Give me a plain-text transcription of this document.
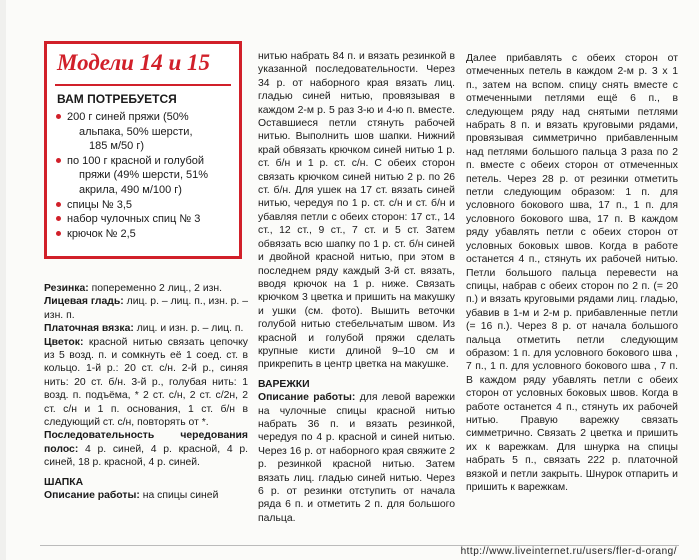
Модели 14 и 15
ВАМ ПОТРЕБУЕТСЯ
200 г синей пряжи (50%
альпака, 50% шерсти,
185 м/50 г)
по 100 г красной и голубой
пряжи (49% шерсти, 51%
акрила, 490 м/100 г)
спицы № 3,5
набор чулочных спиц № 3
крючок № 2,5

Резинка: попеременно 2 лиц., 2 изн.

Лицевая гладь: лиц. р. – лиц. п., изн. р. – изн. п.

Платочная вязка: лиц. и изн. р. – лиц. п.

Цветок: красной нитью связать цепочку из 5 возд. п. и сомкнуть её 1 соед. ст. в кольцо. 1-й р.: 20 ст. с/н. 2-й р., синяя нить: 20 ст. б/н. 3-й р., голубая нить: 1 возд. п. подъёма, * 2 ст. с/н, 2 ст. с/2н, 2 ст. с/н и 1 п. основания, 1 ст. б/н в следующий ст. с/н, повторять от *.

Последовательность чередования полос: 4 р. синей, 4 р. красной, 4 р. синей, 18 р. красной, 4 р. синей.

ШАПКА

Описание работы: на спицы синей

нитью набрать 84 п. и вязать резинкой в указанной последовательности. Через 34 р. от наборного края вязать лиц. гладью синей нитью, провязывая в каждом 2-м р. 5 раз 3-ю и 4-ю п. вместе. Оставшиеся петли стянуть рабочей нитью. Выполнить шов шапки. Нижний край обвязать крючком синей нитью 1 р. ст. б/н и 1 р. ст. с/н. С обеих сторон связать крючком синей нитью 2 р. по 26 ст. б/н. Для ушек на 17 ст. вязать синей нитью, чередуя по 1 р. ст. с/н и ст. б/н и убавляя петли с обеих сторон: 17 ст., 14 ст., 12 ст., 9 ст., 7 ст. и 5 ст. Затем обвязать всю шапку по 1 р. ст. б/н синей и двойной красной нитью, при этом в последнем ряду каждый 3-й ст. вязать, вводя крючок на 1 р. ниже. Связать крючком 3 цветка и пришить на макушку и ушки (см. фото). Вышить веточки голубой нитью стебельчатым швом. Из красной и голубой пряжи сделать крупные кисти длиной 9–10 см и прикрепить в центр цветка на макушке.

ВАРЕЖКИ

Описание работы: для левой варежки на чулочные спицы красной нитью набрать 36 п. и вязать резинкой, чередуя по 4 р. красной и синей нитью. Через 16 р. от наборного края свяжите 2 р. резинкой красной нитью. Затем вязать лиц. гладью синей нитью. Через 6 р. от резинки отступить от начала ряда 6 п. и отметить 2 п. для большого пальца.

Далее прибавлять с обеих сторон от отмеченных петель в каждом 2-м р. 3 х 1 п., затем на вспом. спицу снять вместе с отмеченными петлями ещё 6 п., в следующем ряду над снятыми петлями набрать 8 п. и вязать круговыми рядами, провязывая симметрично прибавленным над петлями большого пальца 3 раза по 2 п. вместе с обеих сторон от отмеченных петель. Через 28 р. от резинки отметить петли следующим образом: 1 п. для условного бокового шва, 17 п., 1 п. для условного бокового шва, 17 п. В каждом ряду убавлять петли с обеих сторон от условных боковых швов. Когда в работе останется 4 п., стянуть их рабочей нитью. Петли большого пальца перевести на спицы, набрав с обеих сторон по 2 п. (= 20 п.) и вязать круговыми рядами лиц. гладью, убавив в 1-м и 2-м р. прибавленные петли (= 16 п.). Через 8 р. от начала большого пальца отметить петли следующим образом: 1 п. для условного бокового шва , 7 п., 1 п. для условного бокового шва , 7 п. В каждом ряду убавлять петли с обеих сторон от условных боковых швов. Когда в работе останется 4 п., стянуть их рабочей нитью. Правую варежку связать симметрично. Связать 2 цветка и пришить их к варежкам. Для шнурка на спицы набрать 5 п., связать 222 р. платочной вязкой и петли закрыть. Шнурок отпарить и пришить к варежкам.

http://www.liveinternet.ru/users/fler-d-orang/
